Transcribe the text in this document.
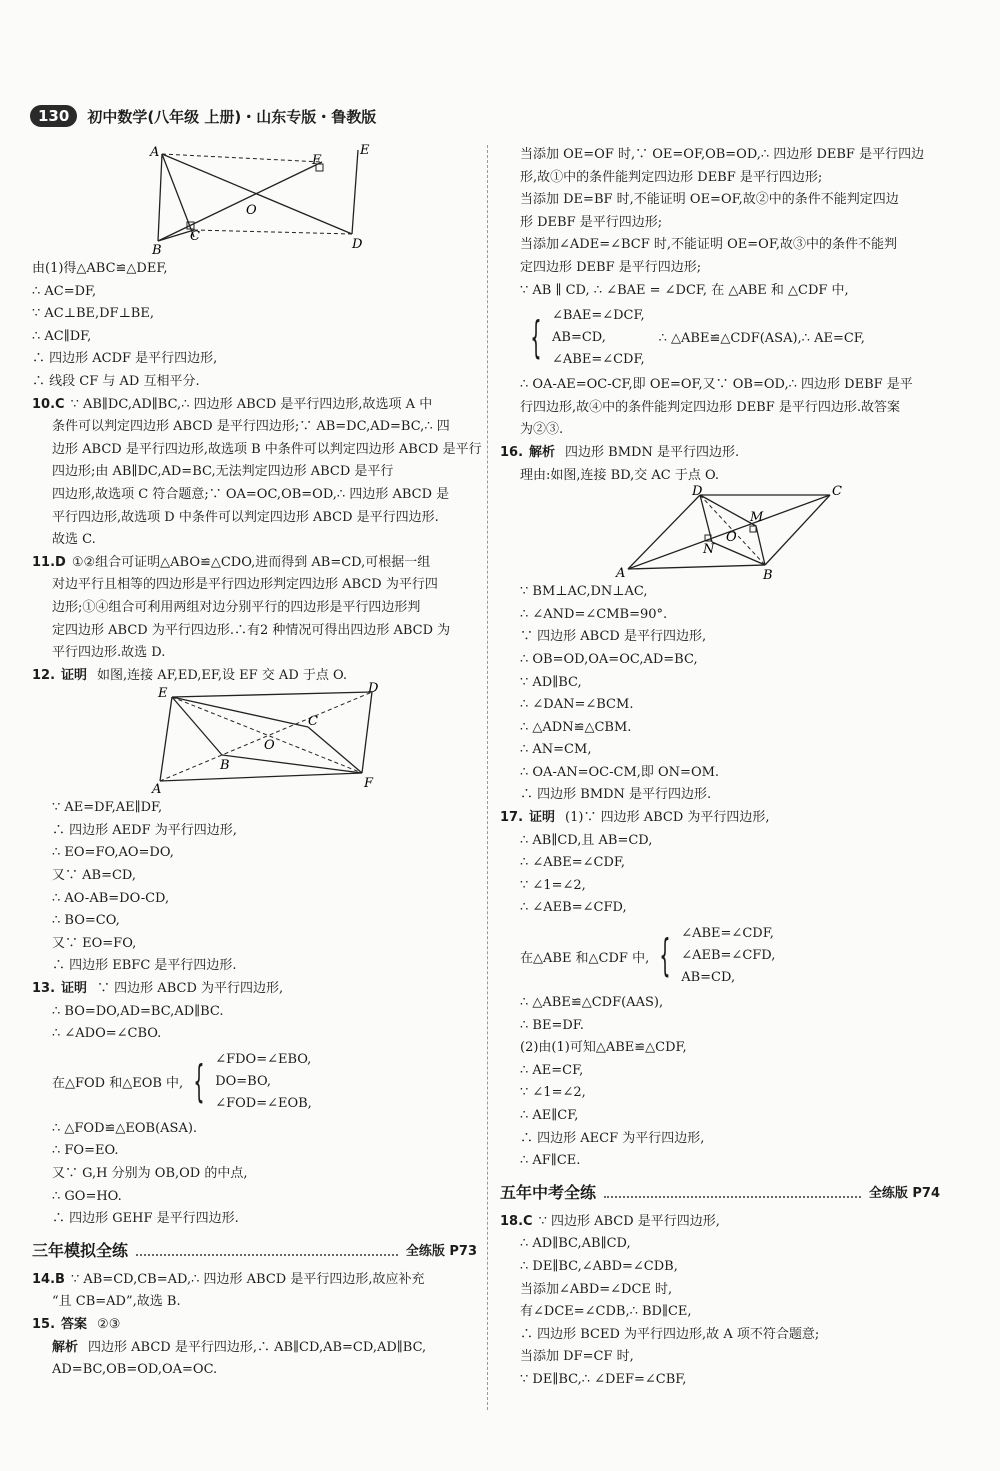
130	初中数学(八年级 上册)・山东专版・鲁教版
A	E
F
O
C
B	D
由(1)得△ABC≌△DEF,
∴ AC=DF,
∵ AC⊥BE,DF⊥BE,
∴ AC∥DF,
∴ 四边形 ACDF 是平行四边形,
∴ 线段 CF 与 AD 互相平分.
10.C ∵ AB∥DC,AD∥BC,∴ 四边形 ABCD 是平行四边形,故选项 A 中
条件可以判定四边形 ABCD 是平行四边形;∵ AB=DC,AD=BC,∴ 四
边形 ABCD 是平行四边形,故选项 B 中条件可以判定四边形 ABCD 是平行
四边形;由 AB∥DC,AD=BC,无法判定四边形 ABCD 是平行
四边形,故选项 C 符合题意;∵ OA=OC,OB=OD,∴ 四边形 ABCD 是
平行四边形,故选项 D 中条件可以判定四边形 ABCD 是平行四边形.
故选 C.
11.D ①②组合可证明△ABO≌△CDO,进而得到 AB=CD,可根据一组
对边平行且相等的四边形是平行四边形判定四边形 ABCD 为平行四
边形;①④组合可利用两组对边分别平行的四边形是平行四边形判
定四边形 ABCD 为平行四边形.∴有2 种情况可得出四边形 ABCD 为
平行四边形.故选 D.
12. 证明 如图,连接 AF,ED,EF,设 EF 交 AD 于点 O.
E	D
C
O
B
A	F
∵ AE=DF,AE∥DF,
∴ 四边形 AEDF 为平行四边形,
∴ EO=FO,AO=DO,
又∵ AB=CD,
∴ AO-AB=DO-CD,
∴ BO=CO,
又∵ EO=FO,
∴ 四边形 EBFC 是平行四边形.
13. 证明 ∵ 四边形 ABCD 为平行四边形,
∴ BO=DO,AD=BC,AD∥BC.
∴ ∠ADO=∠CBO.
在△FOD 和△EOB 中, { ∠FDO=∠EBO,
DO=BO,
∠FOD=∠EOB,
∴ △FOD≌△EOB(ASA).
∴ FO=EO.
又∵ G,H 分别为 OB,OD 的中点,
∴ GO=HO.
∴ 四边形 GEHF 是平行四边形.
三年模拟全练	全练版 P73
14.B ∵ AB=CD,CB=AD,∴ 四边形 ABCD 是平行四边形,故应补充
“且 CB=AD”,故选 B.
15. 答案 ②③
解析 四边形 ABCD 是平行四边形,∴ AB∥CD,AB=CD,AD∥BC,
AD=BC,OB=OD,OA=OC.
当添加 OE=OF 时,∵ OE=OF,OB=OD,∴ 四边形 DEBF 是平行四边
形,故①中的条件能判定四边形 DEBF 是平行四边形;
当添加 DE=BF 时,不能证明 OE=OF,故②中的条件不能判定四边
形 DEBF 是平行四边形;
当添加∠ADE=∠BCF 时,不能证明 OE=OF,故③中的条件不能判
定四边形 DEBF 是平行四边形;
∵ AB ∥ CD, ∴ ∠BAE = ∠DCF, 在 △ABE 和 △CDF 中,
{ ∠BAE=∠DCF,
AB=CD,
∠ABE=∠CDF,
∴ △ABE≌△CDF(ASA),∴ AE=CF,
∴ OA-AE=OC-CF,即 OE=OF,又∵ OB=OD,∴ 四边形 DEBF 是平
行四边形,故④中的条件能判定四边形 DEBF 是平行四边形.故答案
为②③.
16. 解析 四边形 BMDN 是平行四边形.
理由:如图,连接 BD,交 AC 于点 O.
D	C
M
O
N
A	B
∵ BM⊥AC,DN⊥AC,
∴ ∠AND=∠CMB=90°.
∵ 四边形 ABCD 是平行四边形,
∴ OB=OD,OA=OC,AD=BC,
∵ AD∥BC,
∴ ∠DAN=∠BCM.
∴ △ADN≌△CBM.
∴ AN=CM,
∴ OA-AN=OC-CM,即 ON=OM.
∴ 四边形 BMDN 是平行四边形.
17. 证明 (1)∵ 四边形 ABCD 为平行四边形,
∴ AB∥CD,且 AB=CD,
∴ ∠ABE=∠CDF,
∵ ∠1=∠2,
∴ ∠AEB=∠CFD,
在△ABE 和△CDF 中, { ∠ABE=∠CDF,
∠AEB=∠CFD,
AB=CD,
∴ △ABE≌△CDF(AAS),
∴ BE=DF.
(2)由(1)可知△ABE≌△CDF,
∴ AE=CF,
∵ ∠1=∠2,
∴ AE∥CF,
∴ 四边形 AECF 为平行四边形,
∴ AF∥CE.
五年中考全练	全练版 P74
18.C ∵ 四边形 ABCD 是平行四边形,
∴ AD∥BC,AB∥CD,
∴ DE∥BC,∠ABD=∠CDB,
当添加∠ABD=∠DCE 时,
有∠DCE=∠CDB,∴ BD∥CE,
∴ 四边形 BCED 为平行四边形,故 A 项不符合题意;
当添加 DF=CF 时,
∵ DE∥BC,∴ ∠DEF=∠CBF,
